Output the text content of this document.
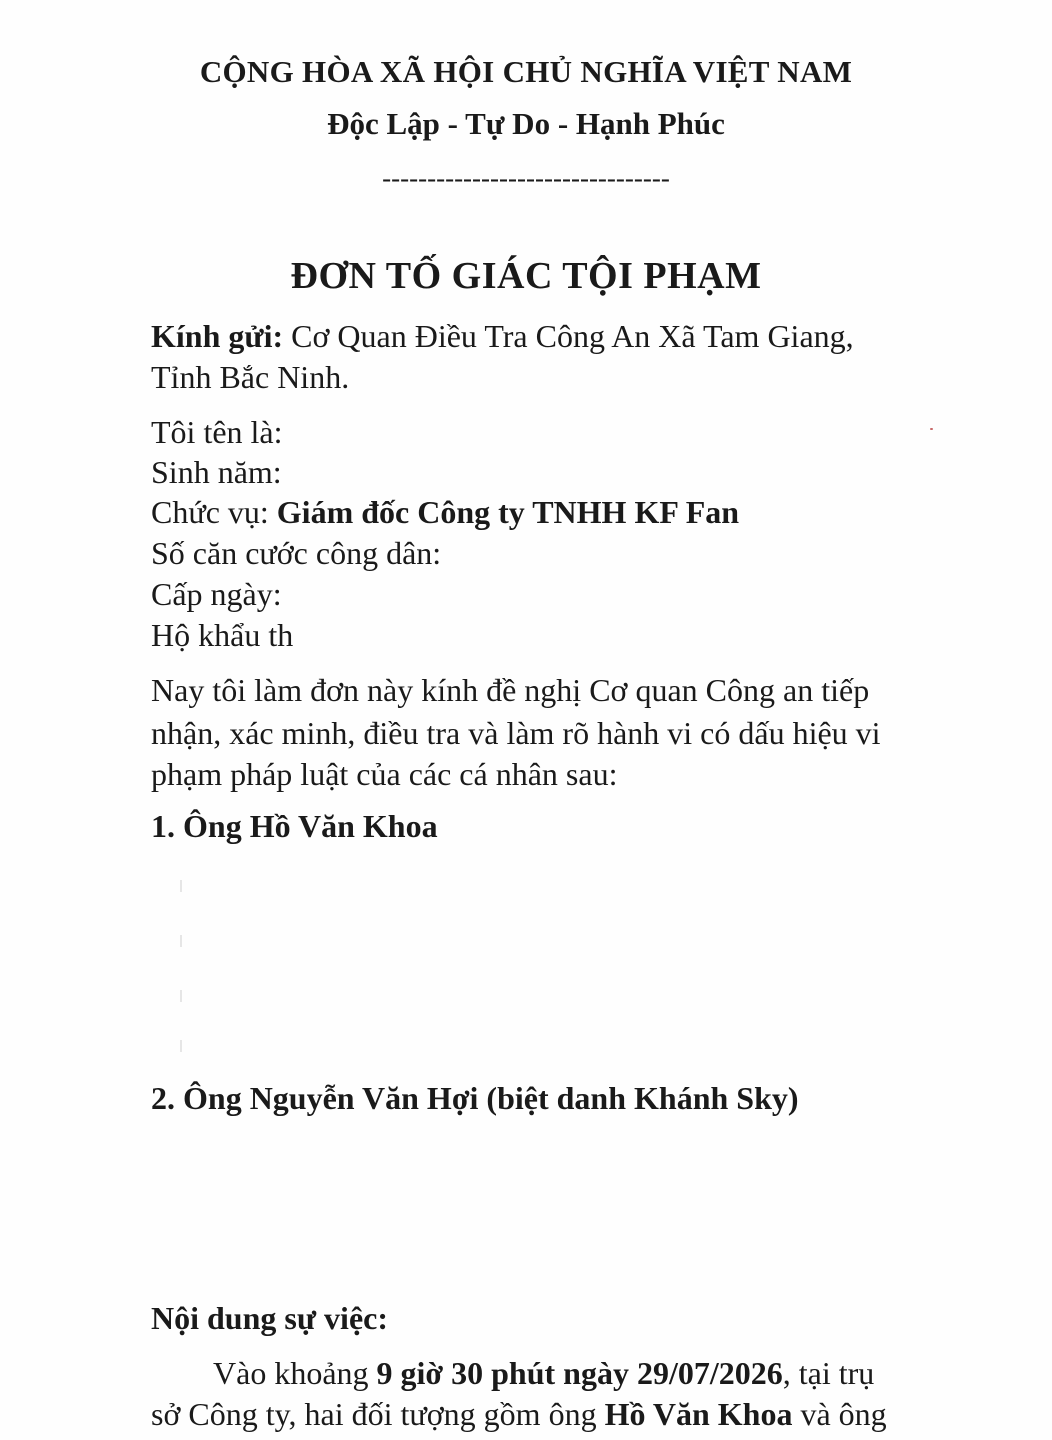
CỘNG HÒA XÃ HỘI CHỦ NGHĨA VIỆT NAM
Độc Lập - Tự Do - Hạnh Phúc
--------------------------------
ĐƠN TỐ GIÁC TỘI PHẠM
Kính gửi: Cơ Quan Điều Tra Công An Xã Tam Giang,
Tỉnh Bắc Ninh.
Tôi tên là:
Sinh năm:
Chức vụ: Giám đốc Công ty TNHH KF Fan
Số căn cước công dân:
Cấp ngày:
Hộ khẩu th
Nay tôi làm đơn này kính đề nghị Cơ quan Công an tiếp
nhận, xác minh, điều tra và làm rõ hành vi có dấu hiệu vi
phạm pháp luật của các cá nhân sau:
1. Ông Hồ Văn Khoa
2. Ông Nguyễn Văn Hợi (biệt danh Khánh Sky)
Nội dung sự việc:
Vào khoảng 9 giờ 30 phút ngày 29/07/2026, tại trụ
sở Công ty, hai đối tượng gồm ông Hồ Văn Khoa và ông
